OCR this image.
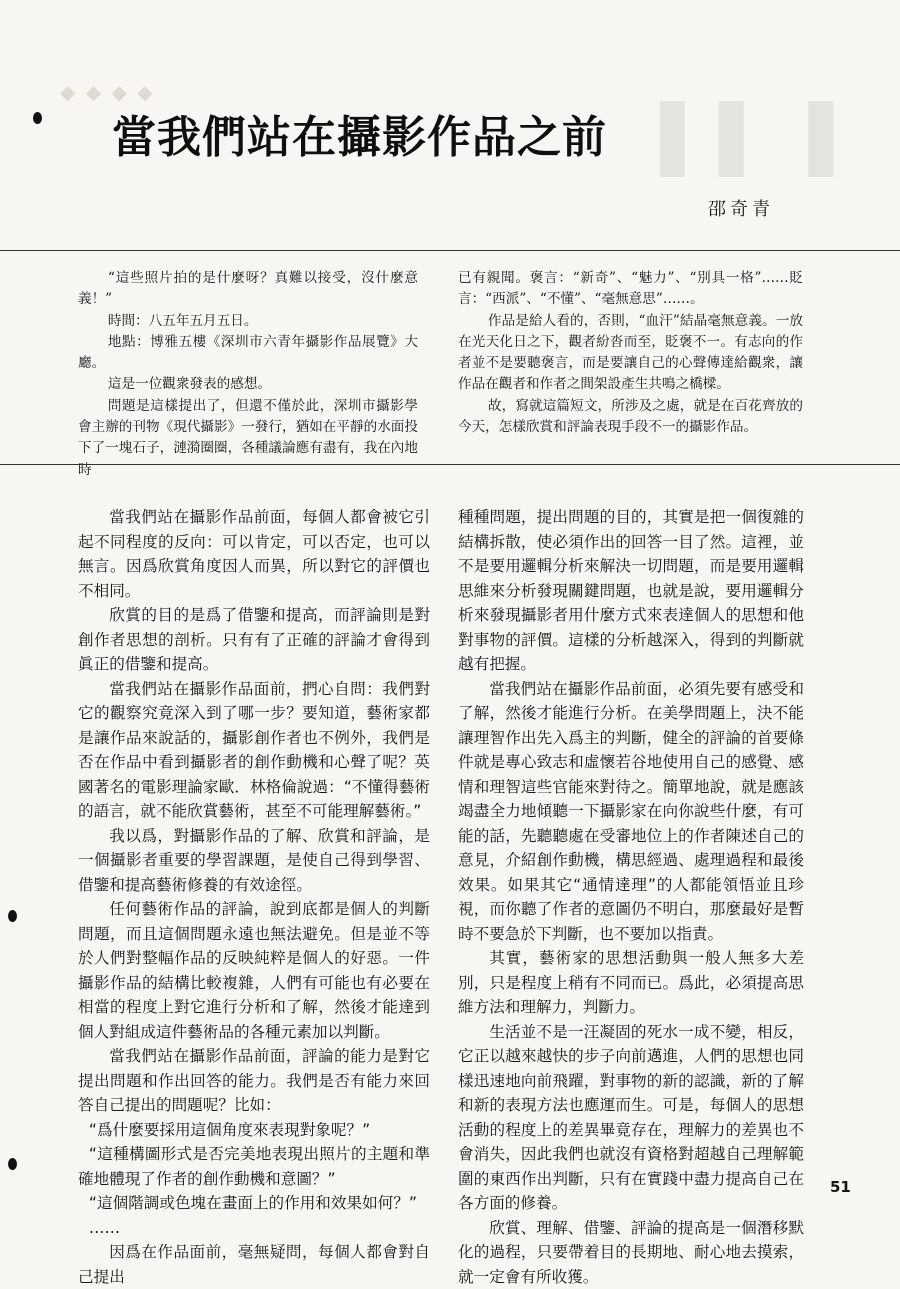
◆ ◆ ◆ ◆
▌▌ ▌
當我們站在攝影作品之前
邵奇青

“這些照片拍的是什麼呀？真難以接受，沒什麼意義！”

時間：八五年五月五日。

地點：博雅五樓《深圳市六青年攝影作品展覽》大廳。

這是一位觀衆發表的感想。

問題是這樣提出了，但還不僅於此，深圳市攝影學會主辦的刊物《現代攝影》一發行，猶如在平靜的水面投下了一塊石子，漣漪圈圈，各種議論應有盡有，我在內地時

已有親聞。褒言：“新奇”、“魅力”、“別具一格”……貶言：“西派”、“不懂”、“毫無意思”……。

作品是給人看的，否則，“血汗”結晶毫無意義。一放在光天化日之下，觀者紛沓而至，貶褒不一。有志向的作者並不是要聽褒言，而是要讓自己的心聲傳達給觀衆，讓作品在觀者和作者之間架設產生共鳴之橋樑。

故，寫就這篇短文，所涉及之處，就是在百花齊放的今天，怎樣欣賞和評論表現手段不一的攝影作品。

當我們站在攝影作品前面，每個人都會被它引起不同程度的反向：可以肯定，可以否定，也可以無言。因爲欣賞角度因人而異，所以對它的評價也不相同。

欣賞的目的是爲了借鑒和提高，而評論則是對創作者思想的剖析。只有有了正確的評論才會得到眞正的借鑒和提高。

當我們站在攝影作品面前，捫心自問：我們對它的觀察究竟深入到了哪一步？要知道，藝術家都是讓作品來說話的，攝影創作者也不例外，我們是否在作品中看到攝影者的創作動機和心聲了呢？英國著名的電影理論家歐．林格倫說過：“不懂得藝術的語言，就不能欣賞藝術，甚至不可能理解藝術。”

我以爲，對攝影作品的了解、欣賞和評論，是一個攝影者重要的學習課題，是使自己得到學習、借鑒和提高藝術修養的有效途徑。

任何藝術作品的評論，說到底都是個人的判斷問題，而且這個問題永遠也無法避免。但是並不等於人們對整幅作品的反映純粹是個人的好惡。一件攝影作品的結構比較複雜，人們有可能也有必要在相當的程度上對它進行分析和了解，然後才能達到個人對組成這件藝術品的各種元素加以判斷。

當我們站在攝影作品前面，評論的能力是對它提出問題和作出回答的能力。我們是否有能力來回答自己提出的問題呢？比如：

“爲什麼要採用這個角度來表現對象呢？”

“這種構圖形式是否完美地表現出照片的主題和準確地體現了作者的創作動機和意圖？”

“這個階調或色塊在畫面上的作用和效果如何？”

……

因爲在作品面前，毫無疑問，每個人都會對自己提出

種種問題，提出問題的目的，其實是把一個復雜的結構拆散，使必須作出的回答一目了然。這裡，並不是要用邏輯分析來解決一切問題，而是要用邏輯思維來分析發現關鍵問題，也就是說，要用邏輯分析來發現攝影者用什麼方式來表達個人的思想和他對事物的評價。這樣的分析越深入，得到的判斷就越有把握。

當我們站在攝影作品前面，必須先要有感受和了解，然後才能進行分析。在美學問題上，決不能讓理智作出先入爲主的判斷，健全的評論的首要條件就是專心致志和虛懷若谷地使用自己的感覺、感情和理智這些官能來對待之。簡單地說，就是應該竭盡全力地傾聽一下攝影家在向你說些什麼，有可能的話，先聽聽處在受審地位上的作者陳述自己的意見，介紹創作動機，構思經過、處理過程和最後效果。如果其它“通情達理”的人都能領悟並且珍視，而你聽了作者的意圖仍不明白，那麼最好是暫時不要急於下判斷，也不要加以指責。

其實，藝術家的思想活動與一般人無多大差別，只是程度上稍有不同而已。爲此，必須提高思維方法和理解力，判斷力。

生活並不是一汪凝固的死水一成不變，相反，它正以越來越快的步子向前邁進，人們的思想也同樣迅速地向前飛躍，對事物的新的認識，新的了解和新的表現方法也應運而生。可是，每個人的思想活動的程度上的差異畢竟存在，理解力的差異也不會消失，因此我們也就沒有資格對超越自己理解範圍的東西作出判斷，只有在實踐中盡力提高自己在各方面的修養。

欣賞、理解、借鑒、評論的提高是一個潛移默化的過程，只要帶着目的長期地、耐心地去摸索，就一定會有所收獲。

51
